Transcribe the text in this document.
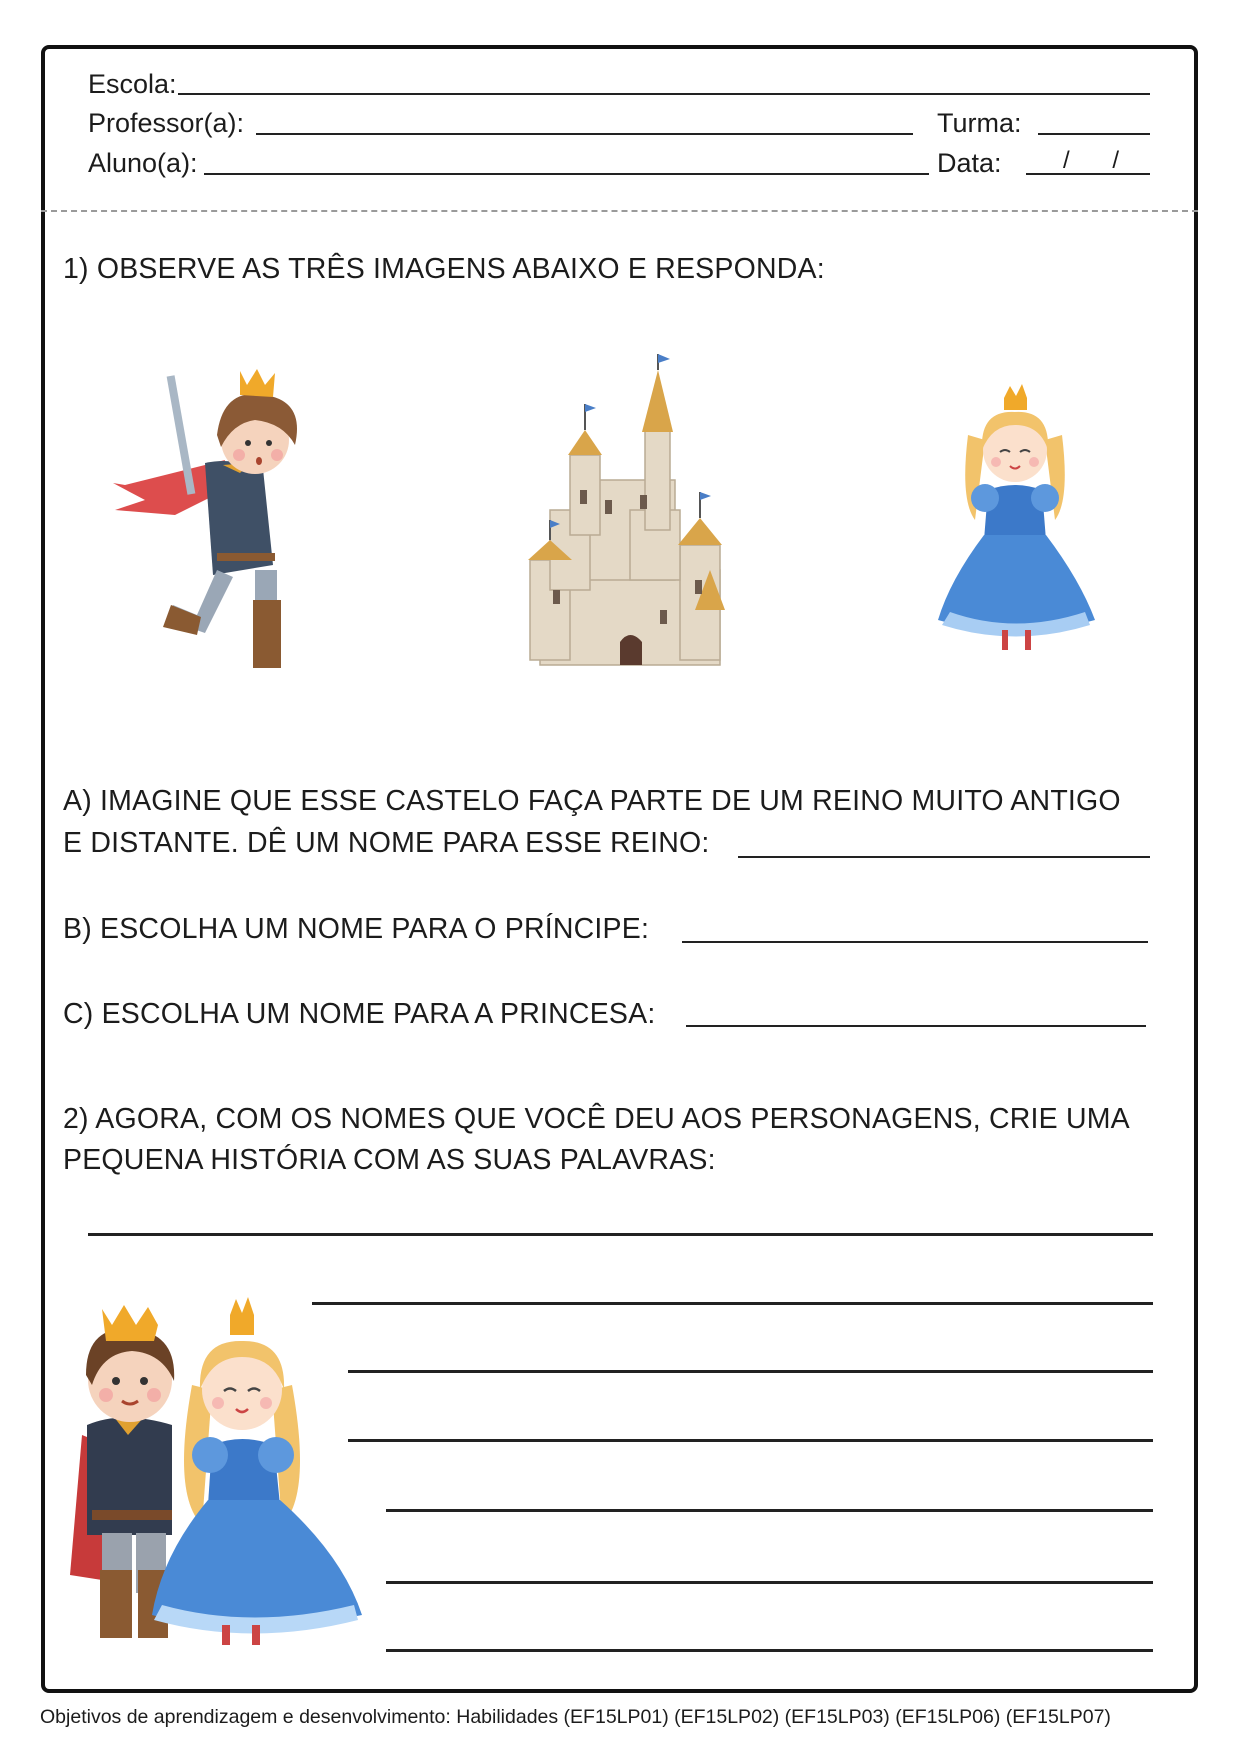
Escola:
Professor(a):	Turma:
Aluno(a):	Data:	/ /
1) OBSERVE AS TRÊS IMAGENS ABAIXO E RESPONDA:
A) IMAGINE QUE ESSE CASTELO FAÇA PARTE DE UM REINO MUITO ANTIGO
E DISTANTE. DÊ UM NOME PARA ESSE REINO:
B) ESCOLHA UM NOME PARA O PRÍNCIPE:
C) ESCOLHA UM NOME PARA A PRINCESA:
2) AGORA, COM OS NOMES QUE VOCÊ DEU AOS PERSONAGENS, CRIE UMA
PEQUENA HISTÓRIA COM AS SUAS PALAVRAS:
Objetivos de aprendizagem e desenvolvimento: Habilidades (EF15LP01) (EF15LP02) (EF15LP03) (EF15LP06) (EF15LP07)
